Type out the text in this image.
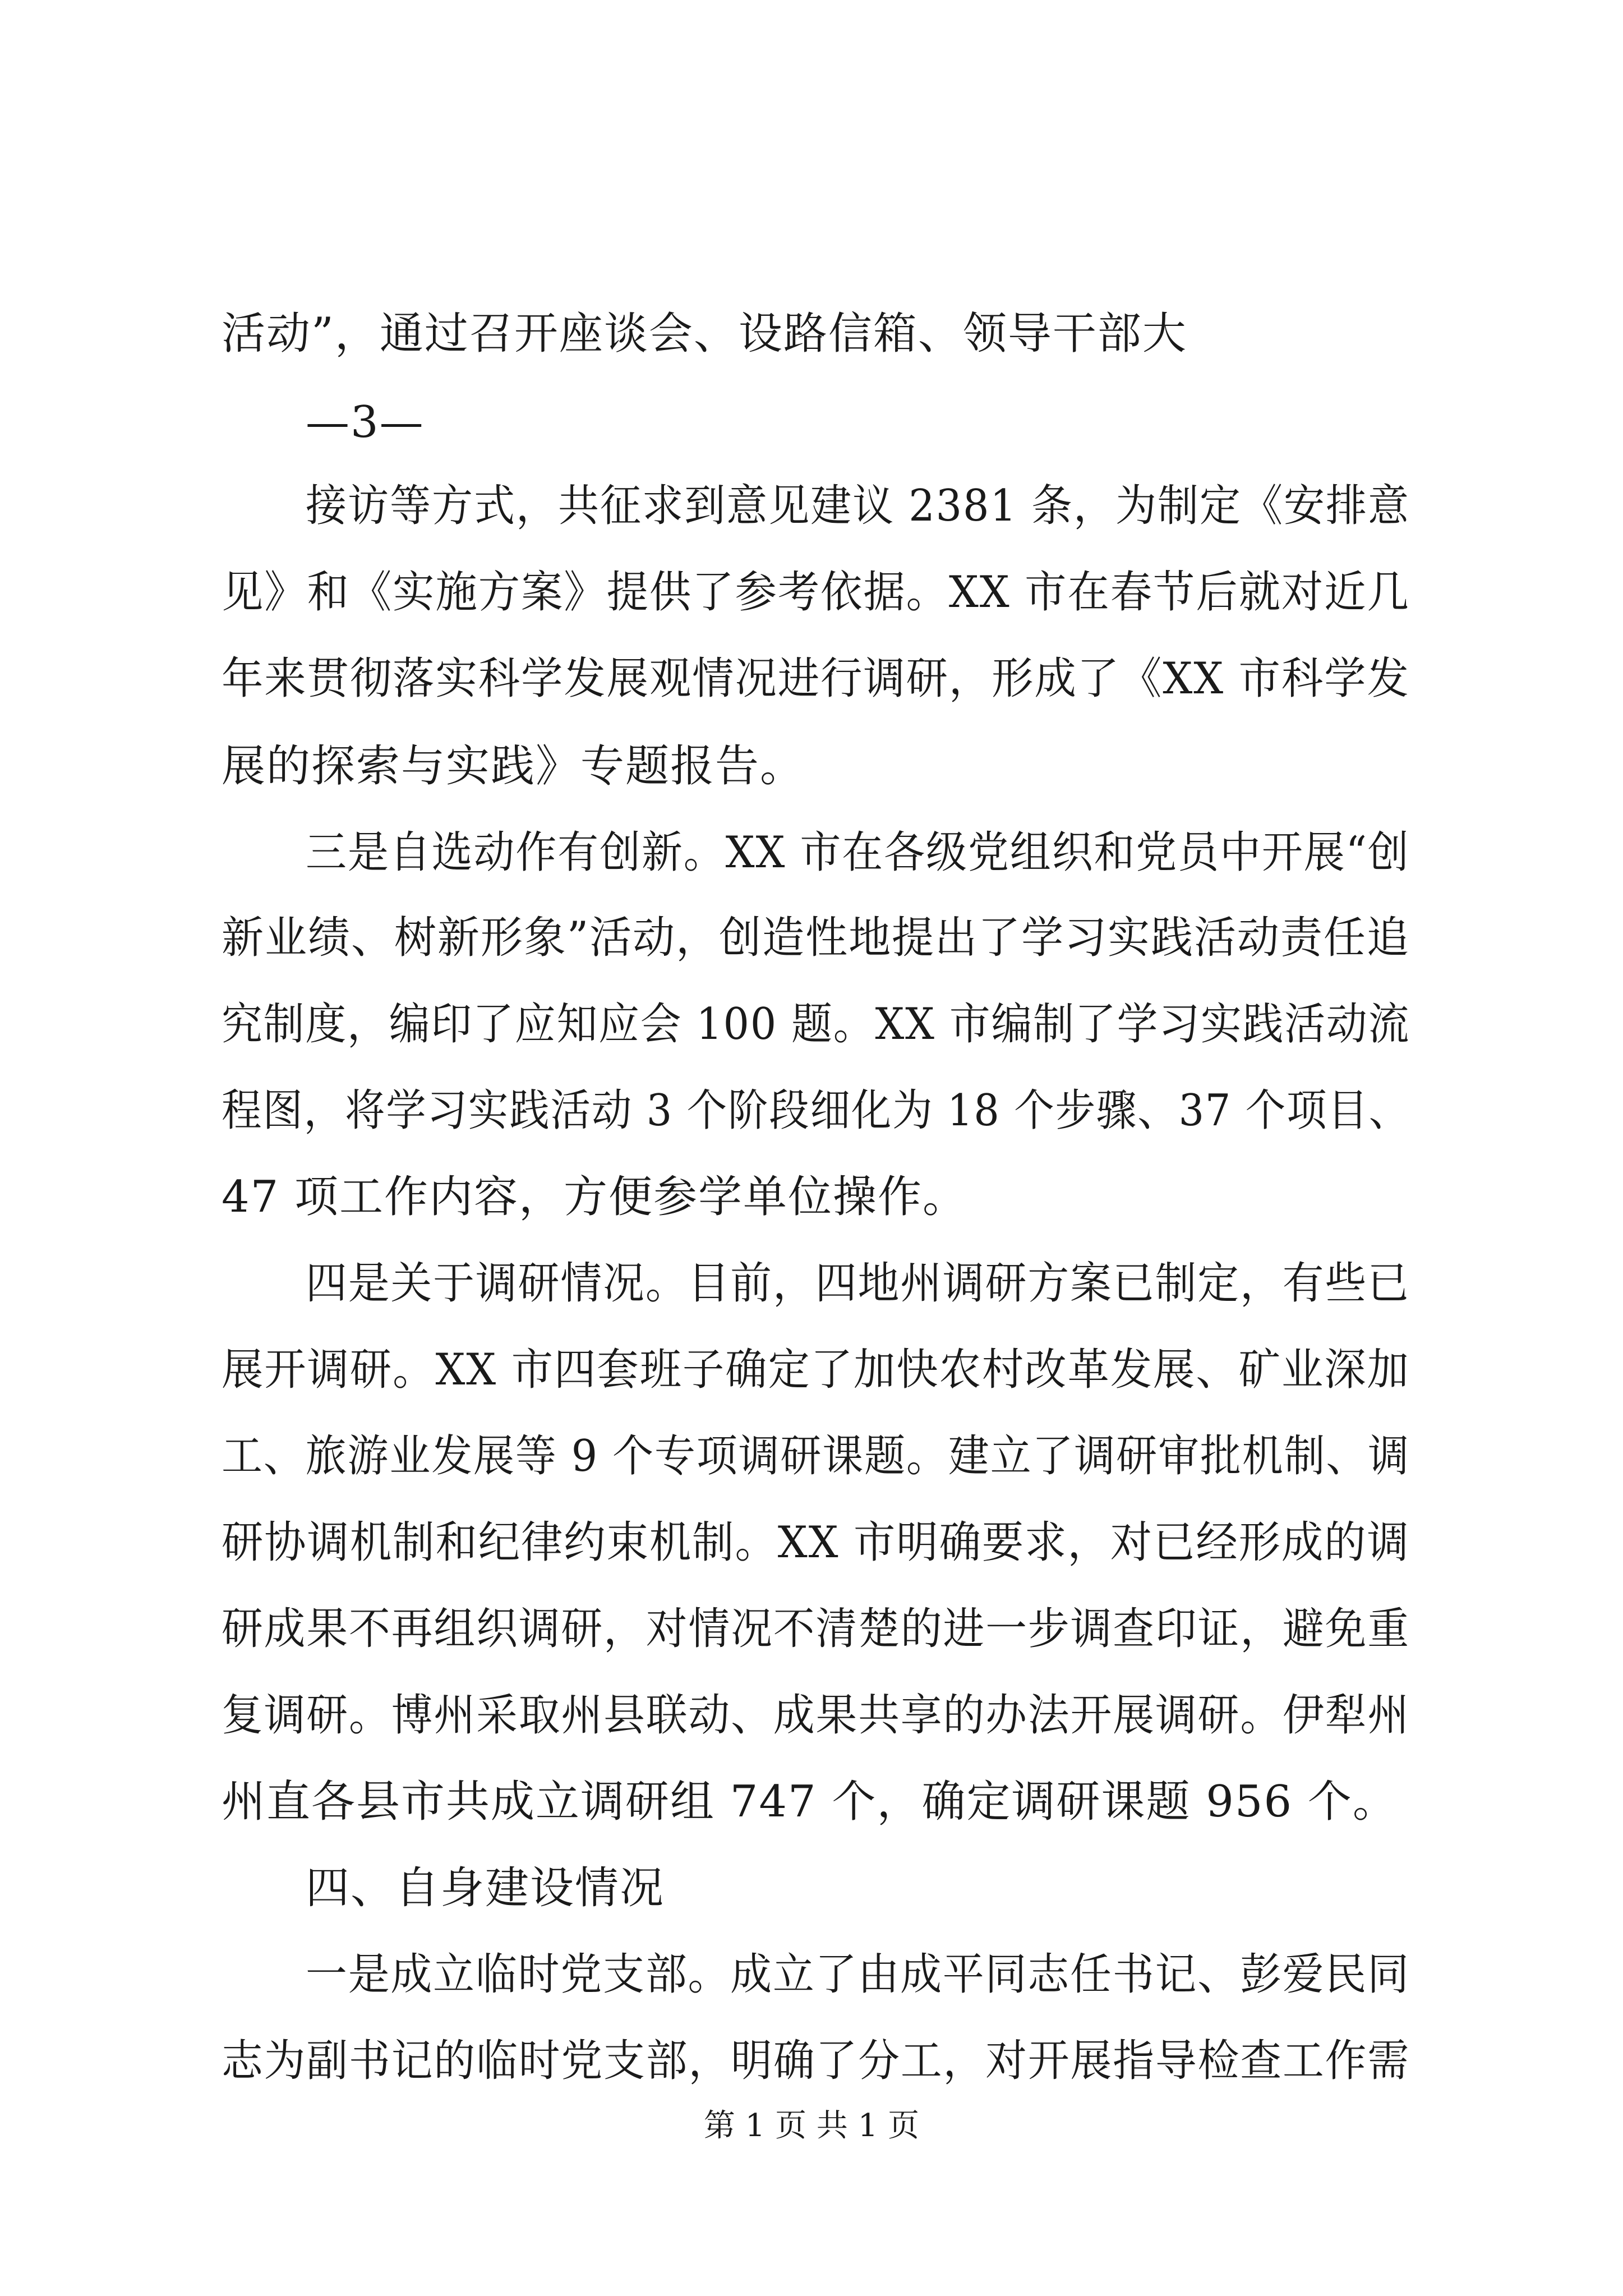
活动”，通过召开座谈会、设路信箱、领导干部大
—3—
接访等方式，共征求到意见建议 2381 条，为制定《安排意
见》和《实施方案》提供了参考依据。XX 市在春节后就对近几
年来贯彻落实科学发展观情况进行调研，形成了《XX 市科学发
展的探索与实践》专题报告。
三是自选动作有创新。XX 市在各级党组织和党员中开展“创
新业绩、树新形象”活动，创造性地提出了学习实践活动责任追
究制度，编印了应知应会 100 题。XX 市编制了学习实践活动流
程图，将学习实践活动 3 个阶段细化为 18 个步骤、37 个项目、
47 项工作内容，方便参学单位操作。
四是关于调研情况。目前，四地州调研方案已制定，有些已
展开调研。XX 市四套班子确定了加快农村改革发展、矿业深加
工、旅游业发展等 9 个专项调研课题。建立了调研审批机制、调
研协调机制和纪律约束机制。XX 市明确要求，对已经形成的调
研成果不再组织调研，对情况不清楚的进一步调查印证，避免重
复调研。博州采取州县联动、成果共享的办法开展调研。伊犁州
州直各县市共成立调研组 747 个，确定调研课题 956 个。
四、自身建设情况
一是成立临时党支部。成立了由成平同志任书记、彭爱民同
志为副书记的临时党支部，明确了分工，对开展指导检查工作需
第 1 页 共 1 页
